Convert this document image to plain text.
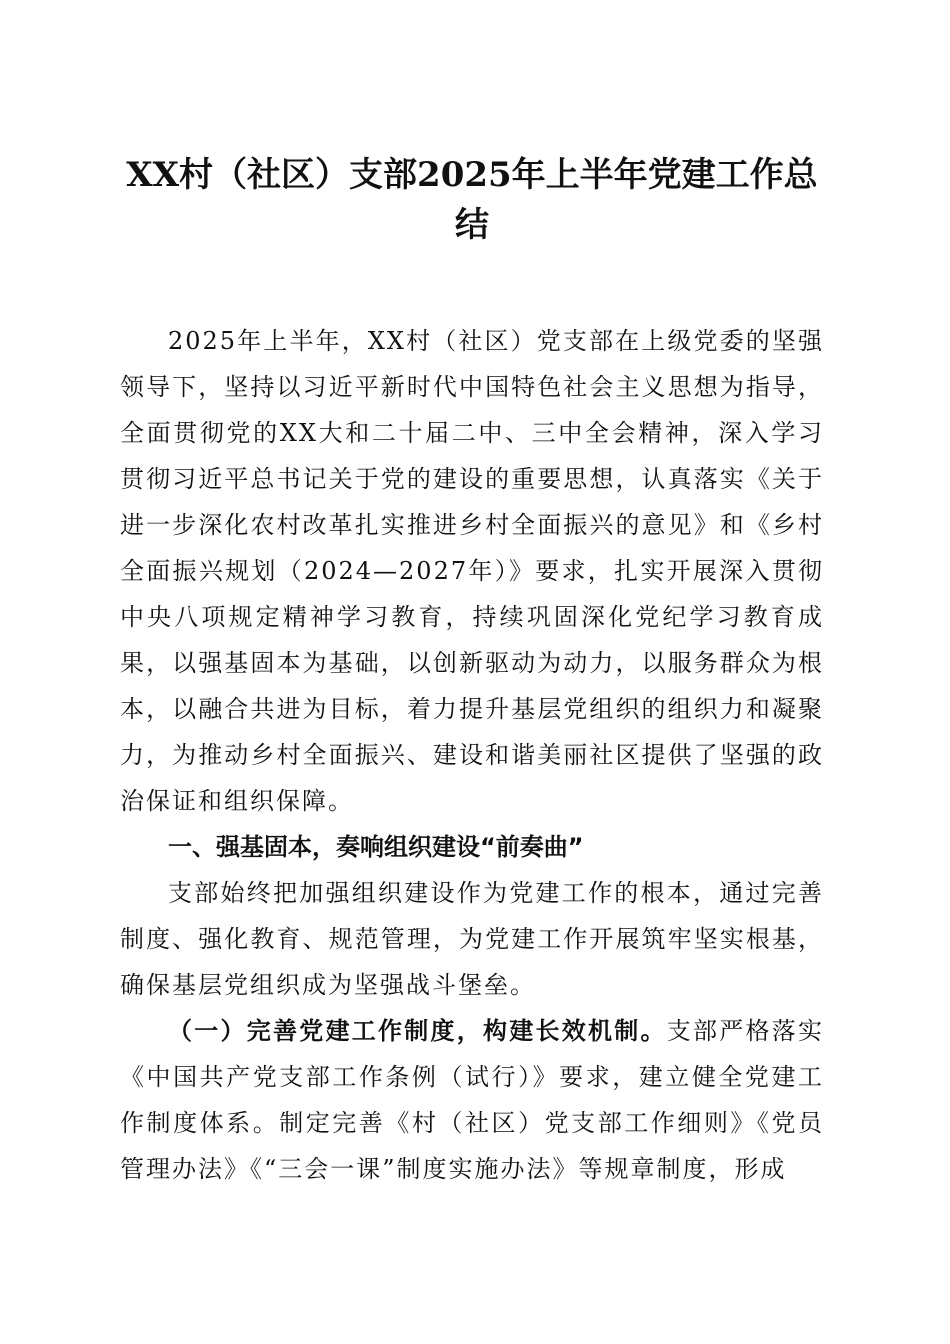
XX村（社区）支部2025年上半年党建工作总结

2025年上半年，XX村（社区）党支部在上级党委的坚强领导下，坚持以习近平新时代中国特色社会主义思想为指导，全面贯彻党的XX大和二十届二中、三中全会精神，深入学习贯彻习近平总书记关于党的建设的重要思想，认真落实《关于进一步深化农村改革扎实推进乡村全面振兴的意见》和《乡村全面振兴规划（2024—2027年）》要求，扎实开展深入贯彻中央八项规定精神学习教育，持续巩固深化党纪学习教育成果，以强基固本为基础，以创新驱动为动力，以服务群众为根本，以融合共进为目标，着力提升基层党组织的组织力和凝聚力，为推动乡村全面振兴、建设和谐美丽社区提供了坚强的政治保证和组织保障。

一、强基固本，奏响组织建设“前奏曲”

支部始终把加强组织建设作为党建工作的根本，通过完善制度、强化教育、规范管理，为党建工作开展筑牢坚实根基，确保基层党组织成为坚强战斗堡垒。

（一）完善党建工作制度，构建长效机制。支部严格落实《中国共产党支部工作条例（试行）》要求，建立健全党建工作制度体系。制定完善《村（社区）党支部工作细则》《党员管理办法》《“三会一课”制度实施办法》等规章制度，形成
